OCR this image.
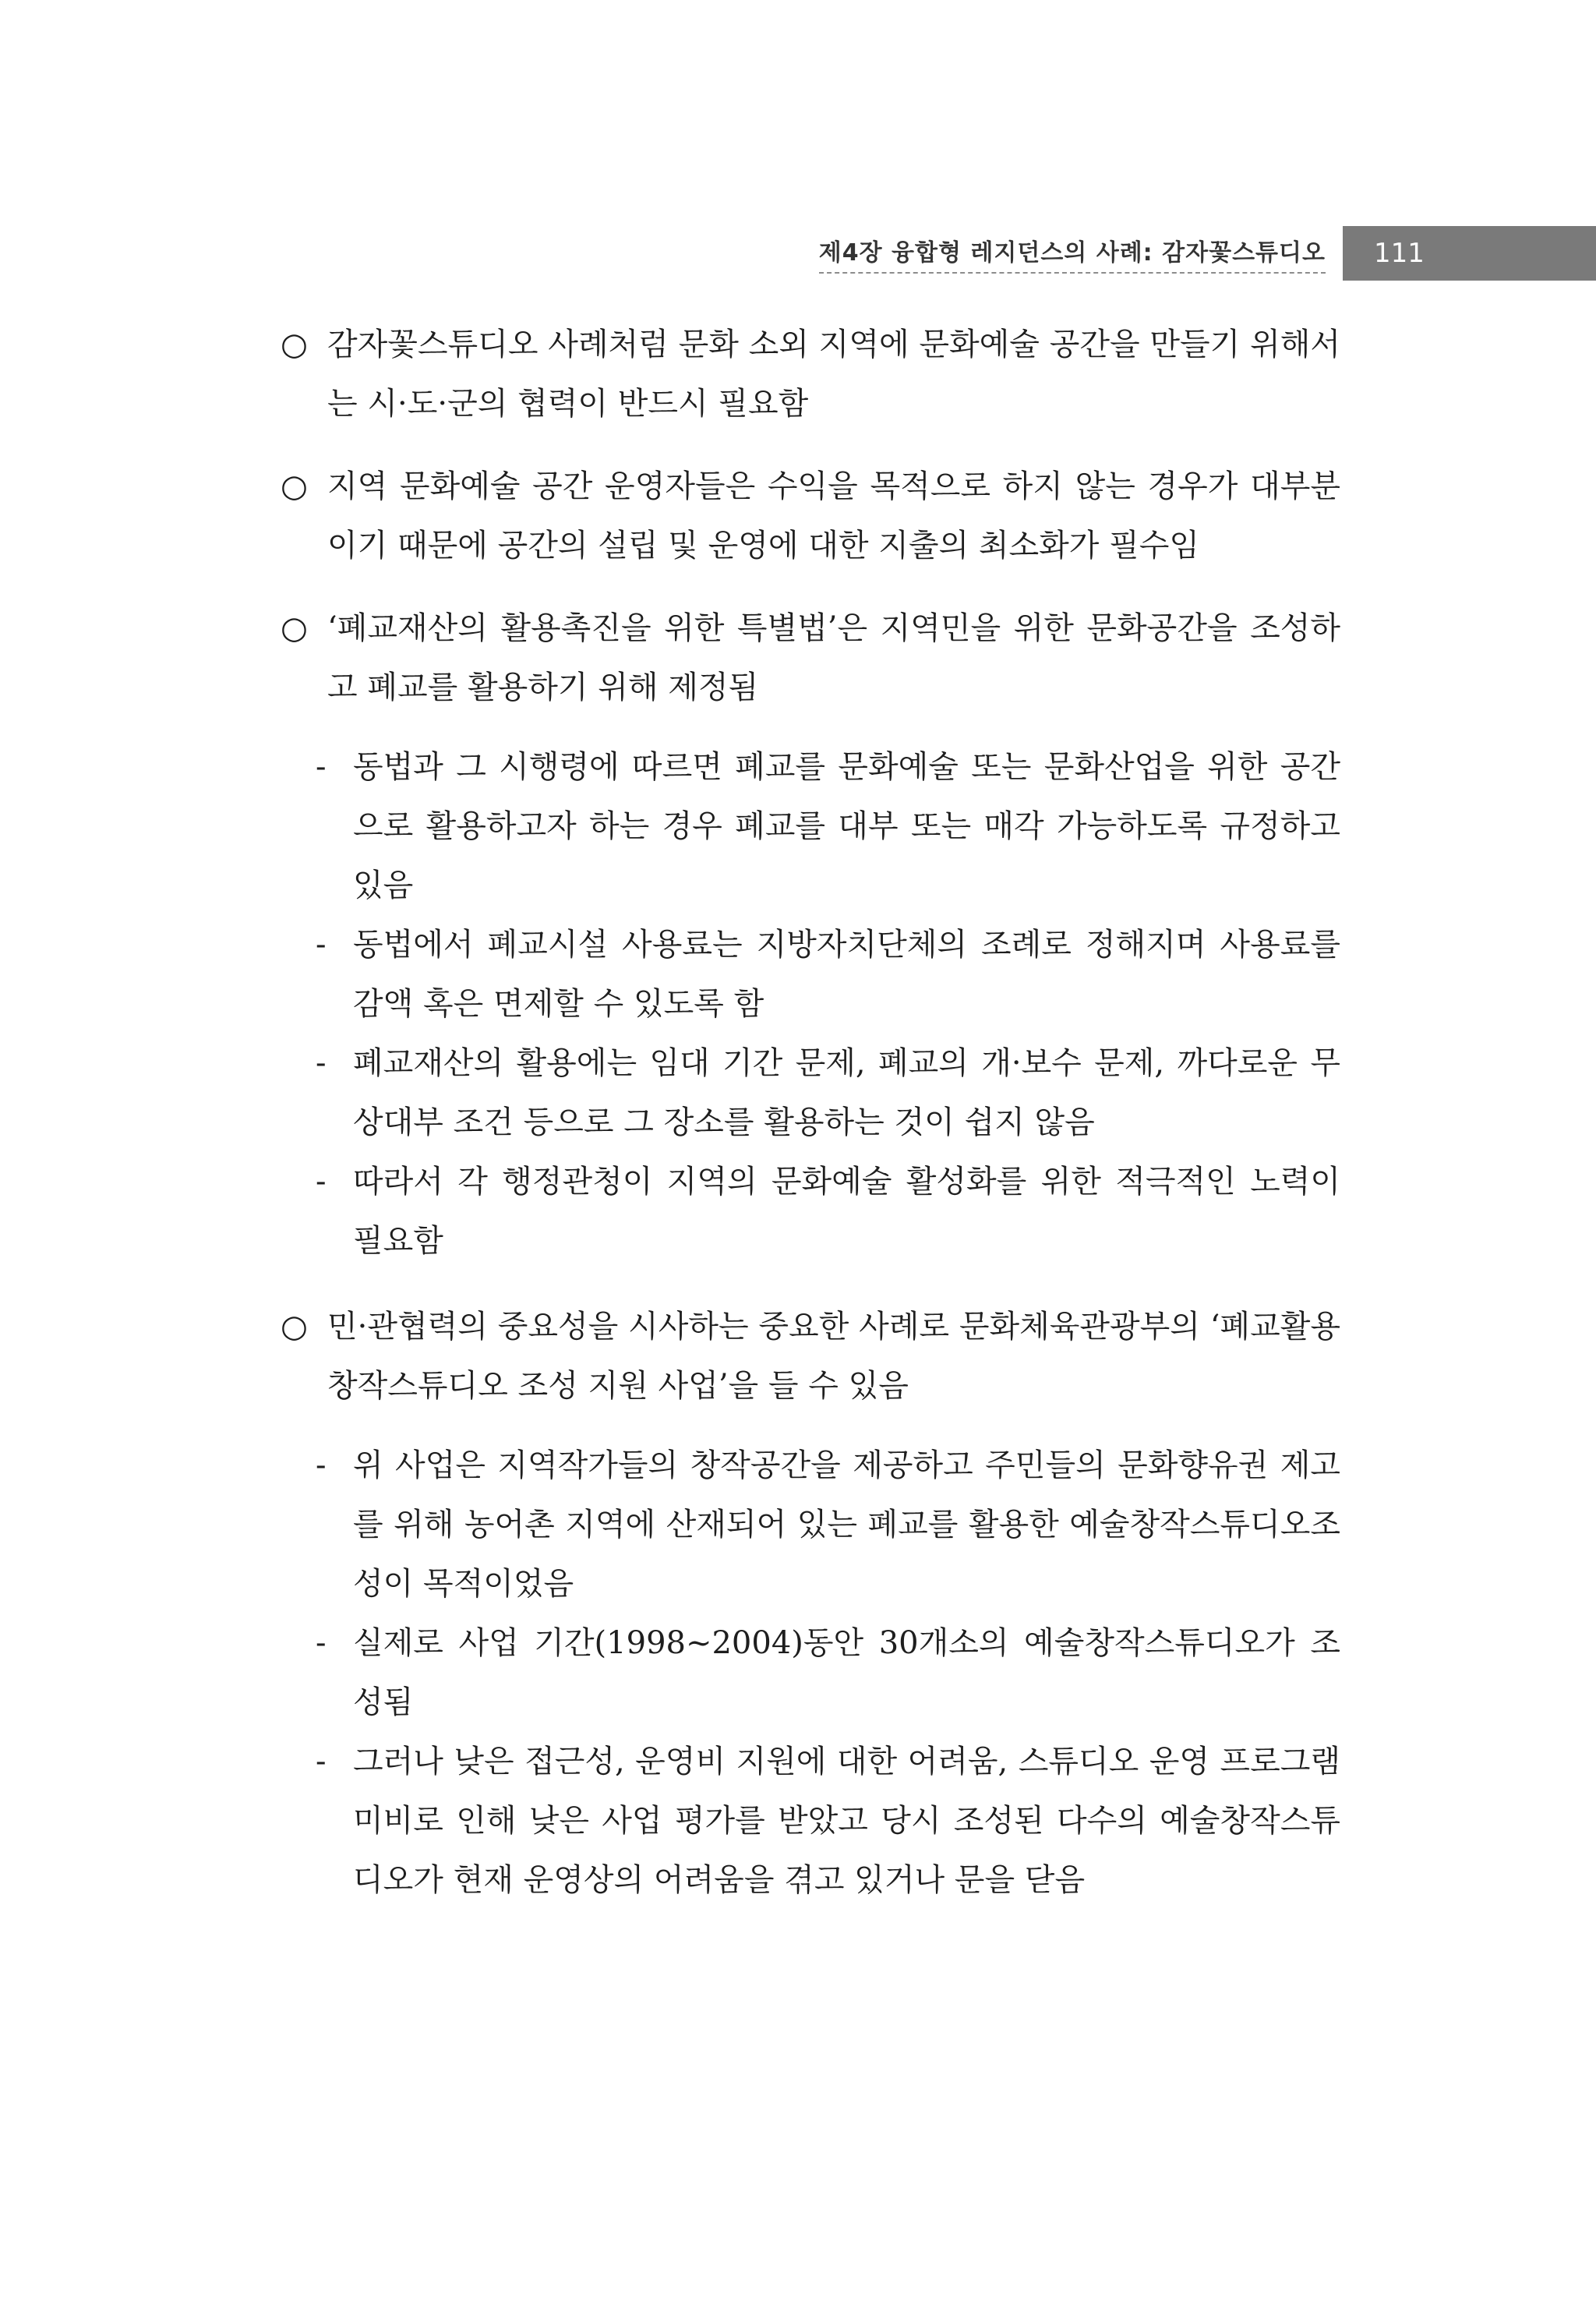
제4장 융합형 레지던스의 사례: 감자꽃스튜디오	111
○ 감자꽃스튜디오 사례처럼 문화 소외 지역에 문화예술 공간을 만들기 위해서는 시·도·군의 협력이 반드시 필요함
○ 지역 문화예술 공간 운영자들은 수익을 목적으로 하지 않는 경우가 대부분이기 때문에 공간의 설립 및 운영에 대한 지출의 최소화가 필수임
○ ‘폐교재산의 활용촉진을 위한 특별법’은 지역민을 위한 문화공간을 조성하고 폐교를 활용하기 위해 제정됨
- 동법과 그 시행령에 따르면 폐교를 문화예술 또는 문화산업을 위한 공간으로 활용하고자 하는 경우 폐교를 대부 또는 매각 가능하도록 규정하고 있음
- 동법에서 폐교시설 사용료는 지방자치단체의 조례로 정해지며 사용료를 감액 혹은 면제할 수 있도록 함
- 폐교재산의 활용에는 임대 기간 문제, 폐교의 개·보수 문제, 까다로운 무상대부 조건 등으로 그 장소를 활용하는 것이 쉽지 않음
- 따라서 각 행정관청이 지역의 문화예술 활성화를 위한 적극적인 노력이 필요함
○ 민·관협력의 중요성을 시사하는 중요한 사례로 문화체육관광부의 ‘폐교활용 창작스튜디오 조성 지원 사업’을 들 수 있음
- 위 사업은 지역작가들의 창작공간을 제공하고 주민들의 문화향유권 제고를 위해 농어촌 지역에 산재되어 있는 폐교를 활용한 예술창작스튜디오조성이 목적이었음
- 실제로 사업 기간(1998~2004)동안 30개소의 예술창작스튜디오가 조성됨
- 그러나 낮은 접근성, 운영비 지원에 대한 어려움, 스튜디오 운영 프로그램 미비로 인해 낮은 사업 평가를 받았고 당시 조성된 다수의 예술창작스튜디오가 현재 운영상의 어려움을 겪고 있거나 문을 닫음
